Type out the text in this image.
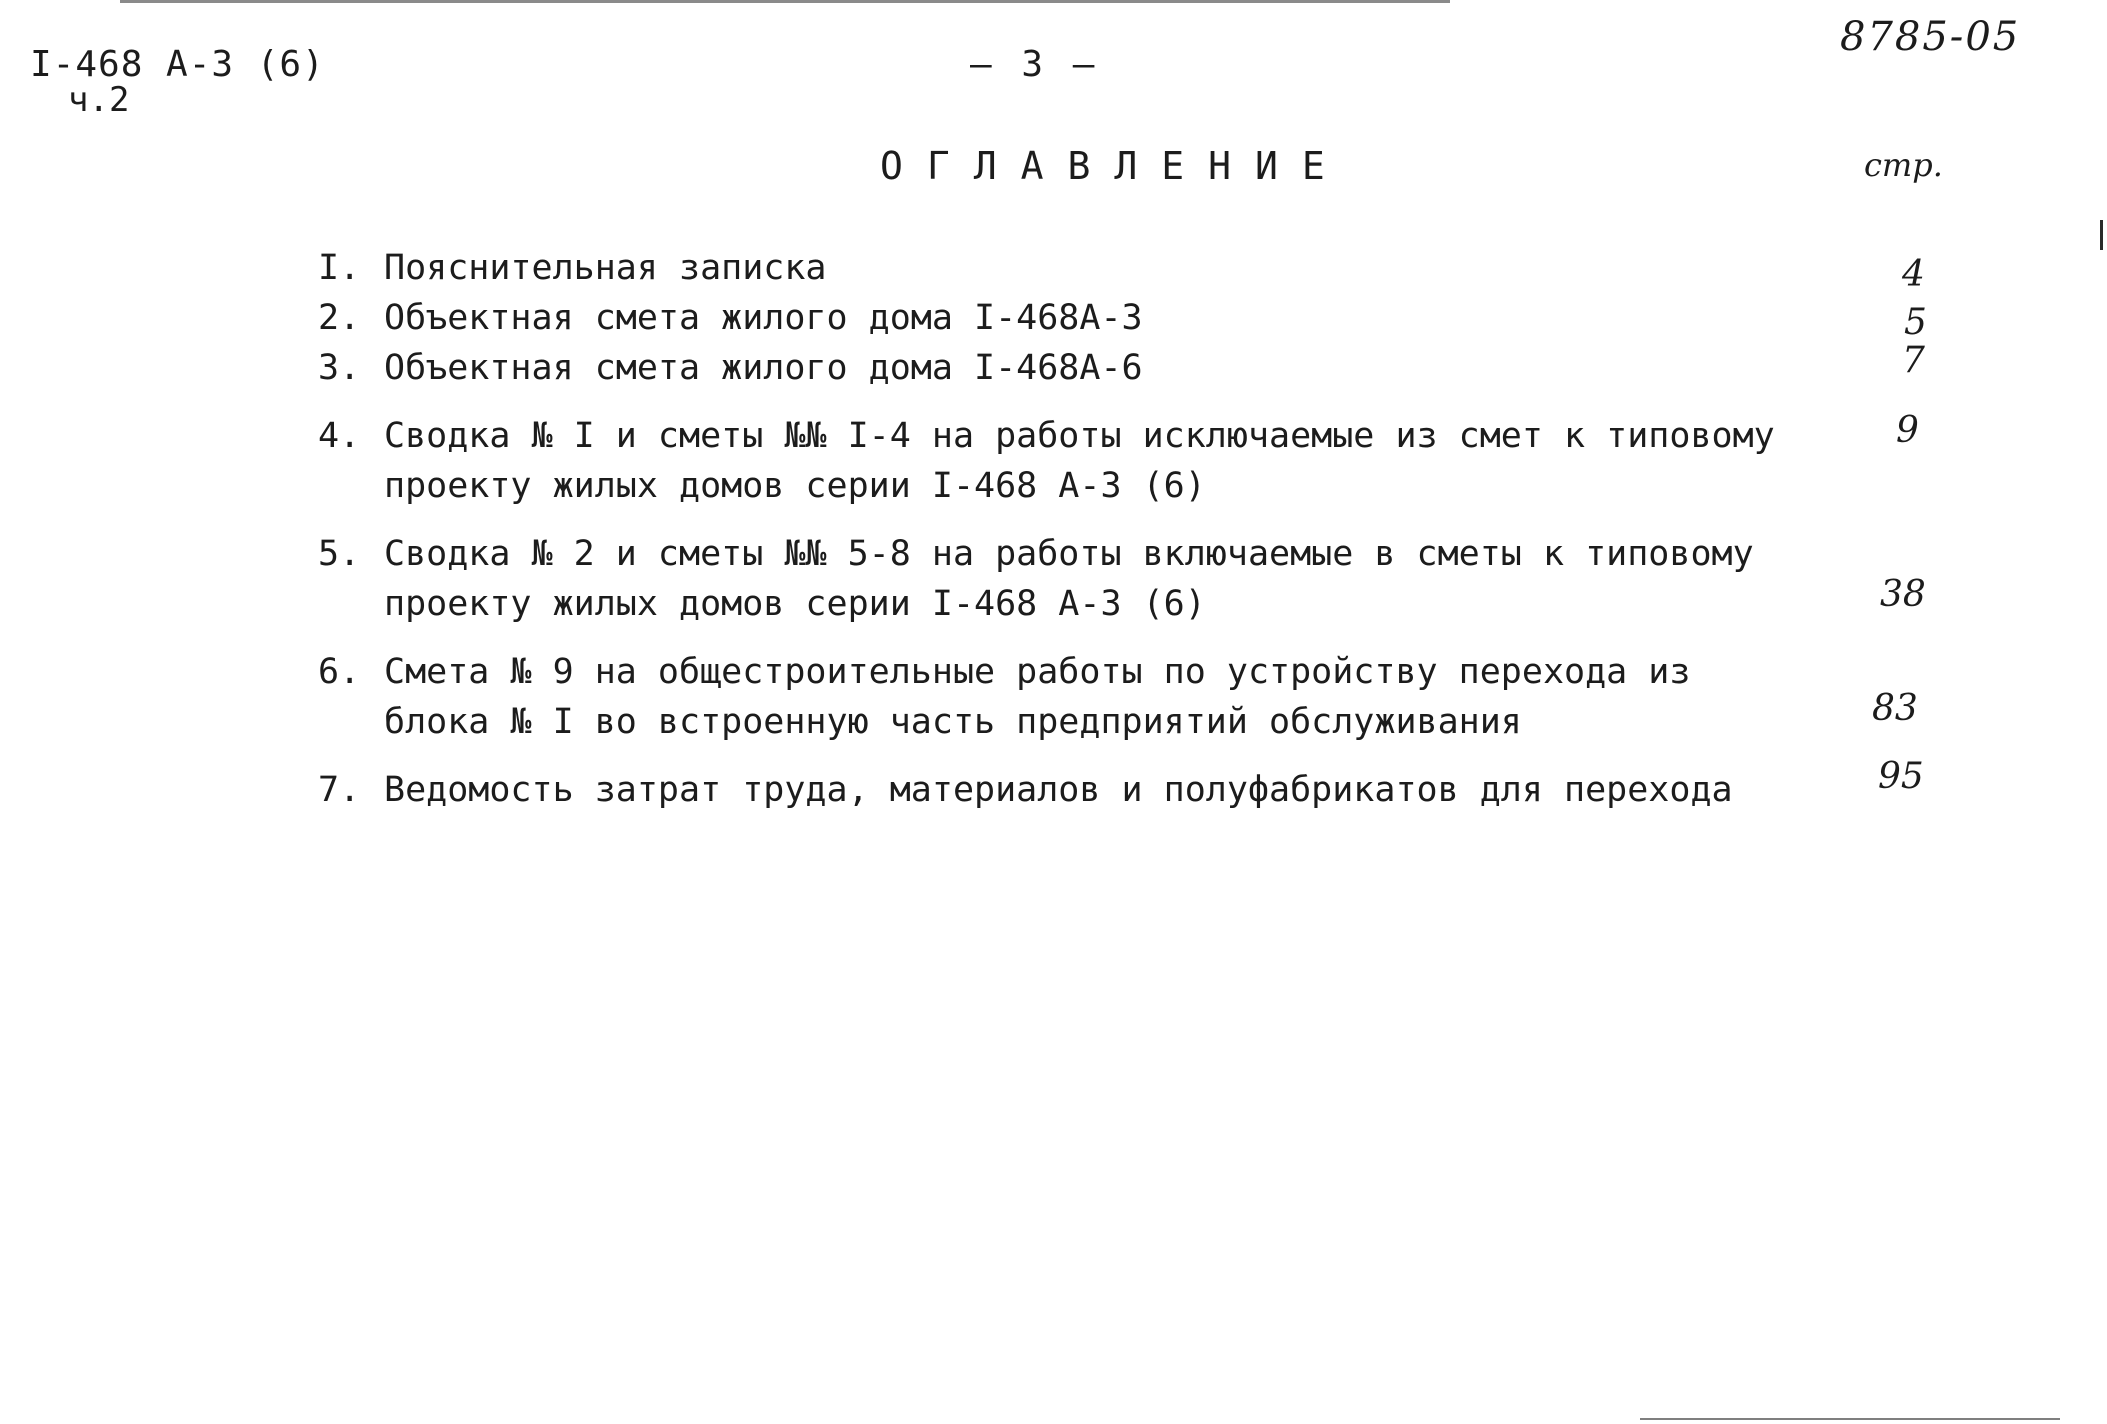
I-468 А-3 (6)
ч.2
– 3 –
8785-05
ОГЛАВЛЕНИЕ	стр.
I. Пояснительная записка	4
2. Объектная смета жилого дома I-468А-3	5
3. Объектная смета жилого дома I-468А-6	7
4. Сводка № I и сметы №№ I-4 на работы исключаемые из смет к типовому
проекту жилых домов серии I-468 А-3 (6)
9
5. Сводка № 2 и сметы №№ 5-8 на работы включаемые в сметы к типовому
проекту жилых домов серии I-468 А-3 (6)	38
6. Смета № 9 на общестроительные работы по устройству перехода из
блока № I во встроенную часть предприятий обслуживания	83
7. Ведомость затрат труда, материалов и полуфабрикатов для перехода	95
